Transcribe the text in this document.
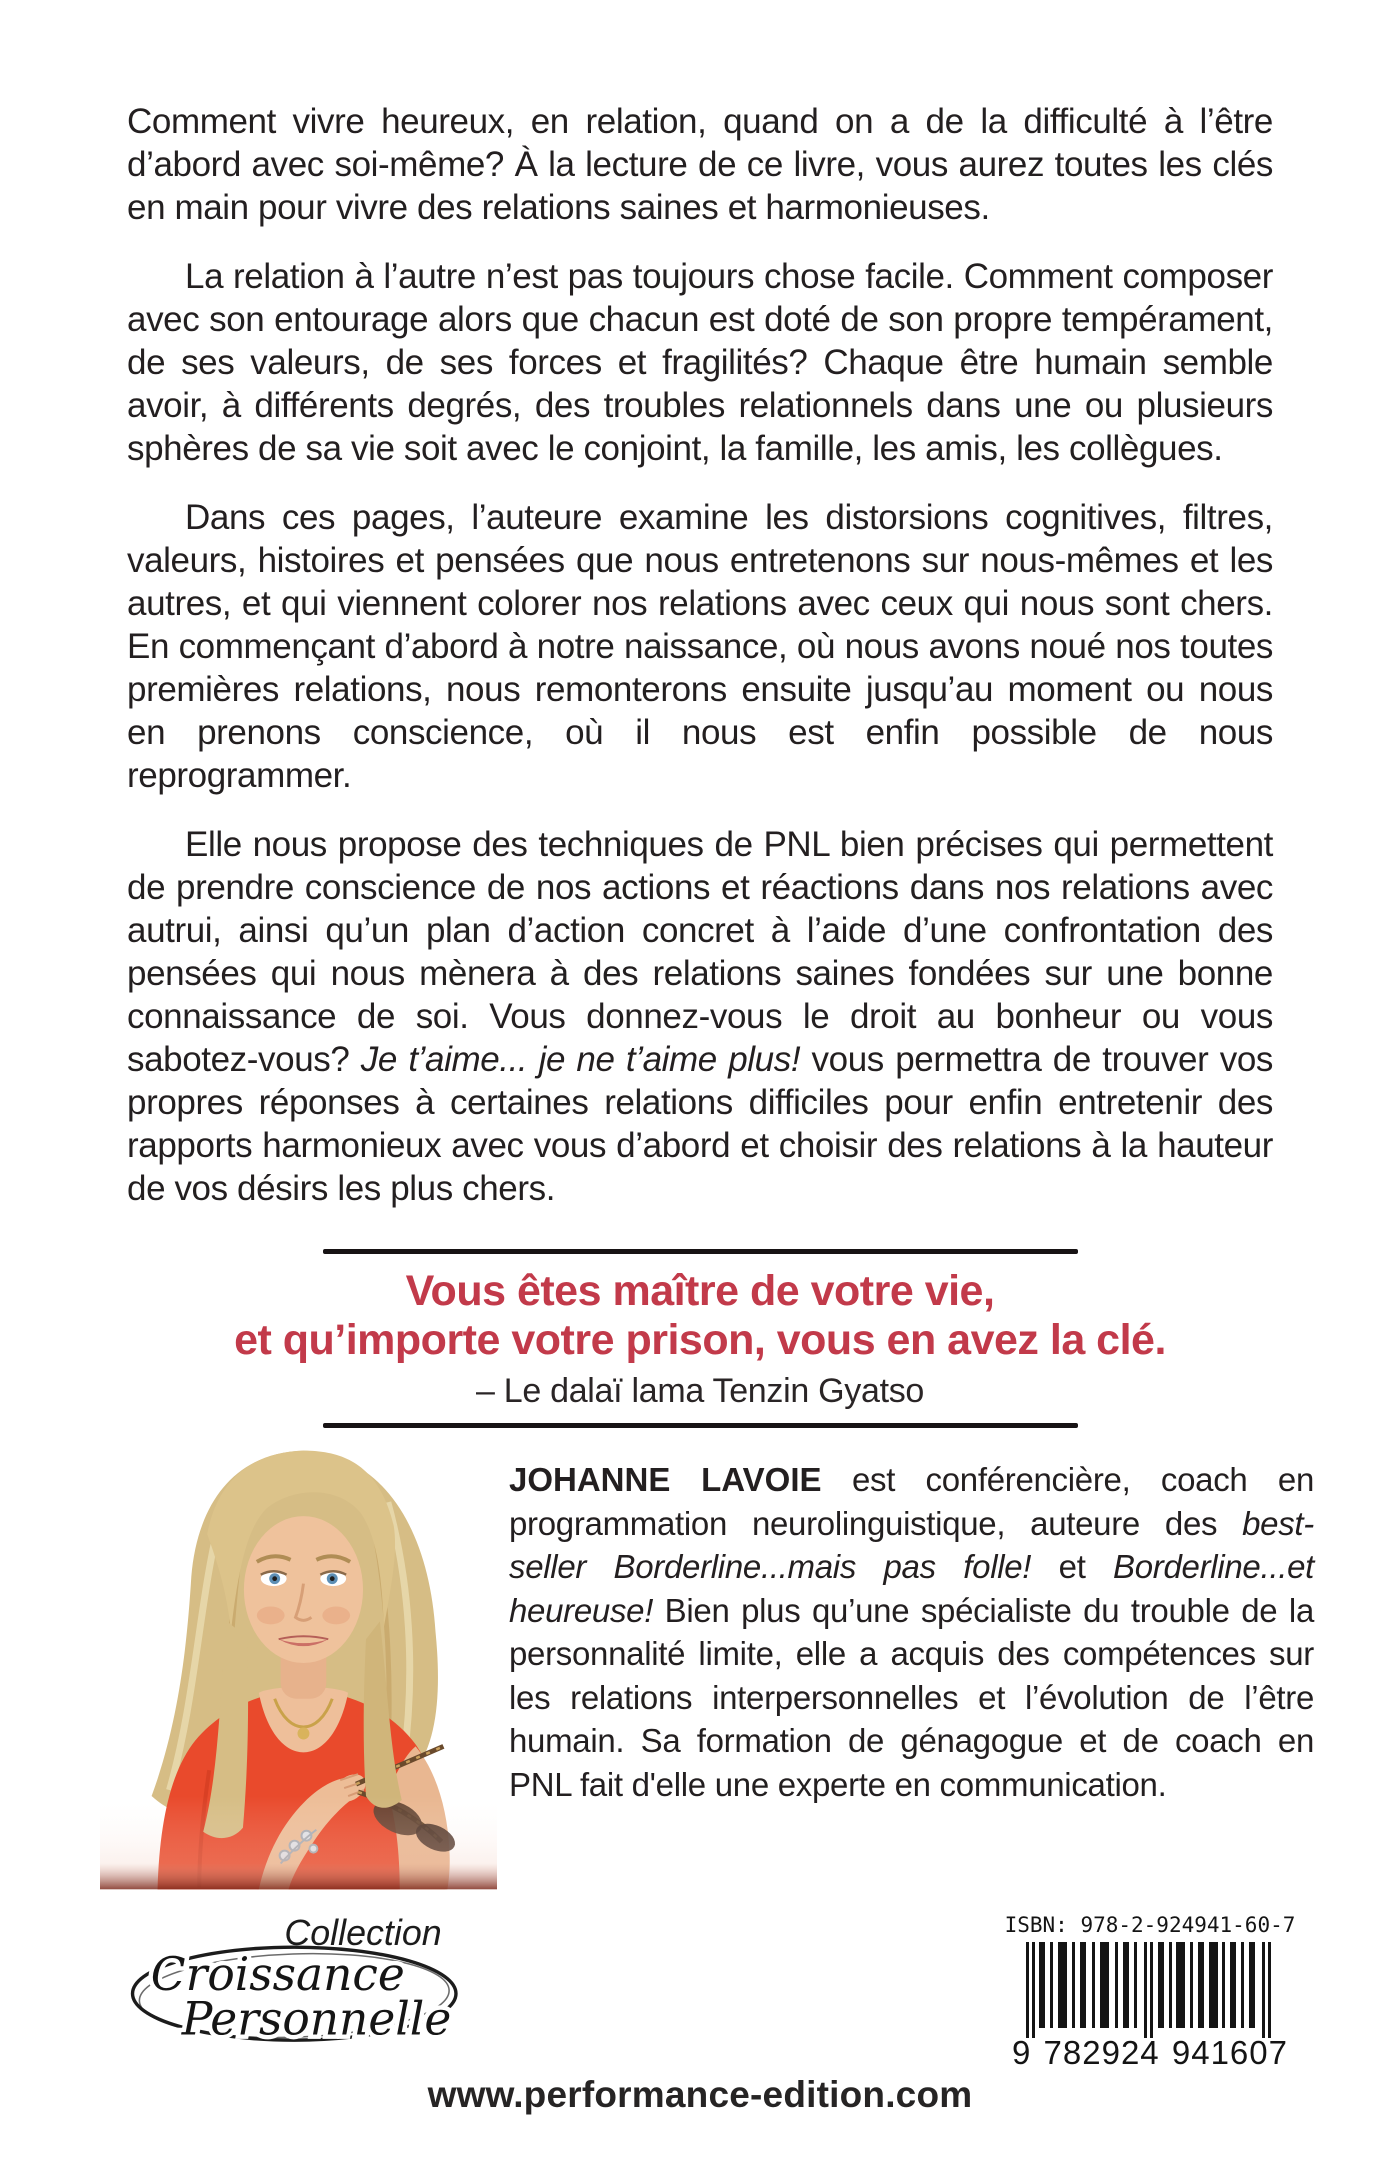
Comment vivre heureux, en relation, quand on a de la difficulté à l’être d’abord avec soi-même? À la lecture de ce livre, vous aurez toutes les clés en main pour vivre des relations saines et harmonieuses.

La relation à l’autre n’est pas toujours chose facile. Comment composer avec son entourage alors que chacun est doté de son propre tempérament, de ses valeurs, de ses forces et fragilités? Chaque être humain semble avoir, à différents degrés, des troubles relationnels dans une ou plusieurs sphères de sa vie soit avec le conjoint, la famille, les amis, les collègues.

Dans ces pages, l’auteure examine les distorsions cognitives, filtres, valeurs, histoires et pensées que nous entretenons sur nous-mêmes et les autres, et qui viennent colorer nos relations avec ceux qui nous sont chers. En commençant d’abord à notre naissance, où nous avons noué nos toutes premières relations, nous remonterons ensuite jusqu’au moment ou nous en prenons conscience, où il nous est enfin possible de nous reprogrammer.

Elle nous propose des techniques de PNL bien précises qui permettent de prendre conscience de nos actions et réactions dans nos relations avec autrui, ainsi qu’un plan d’action concret à l’aide d’une confrontation des pensées qui nous mènera à des relations saines fondées sur une bonne connaissance de soi. Vous donnez-vous le droit au bonheur ou vous sabotez-vous? Je t’aime... je ne t’aime plus! vous permettra de trouver vos propres réponses à certaines relations difficiles pour enfin entretenir des rapports harmonieux avec vous d’abord et choisir des relations à la hauteur de vos désirs les plus chers.

Vous êtes maître de votre vie,
et qu’importe votre prison, vous en avez la clé.
– Le dalaï lama Tenzin Gyatso

JOHANNE LAVOIE est conférencière, coach en programmation neurolinguistique, auteure des best-seller Borderline...mais pas folle! et Borderline...et heureuse! Bien plus qu’une spécialiste du trouble de la personnalité limite, elle a acquis des compétences sur les relations interpersonnelles et l’évolution de l’être humain. Sa formation de génagogue et de coach en PNL fait d'elle une experte en communication.

Collection
Croissance
Personnelle
ISBN: 978-2-924941-60-7
9 782924 941607
www.performance-edition.com
